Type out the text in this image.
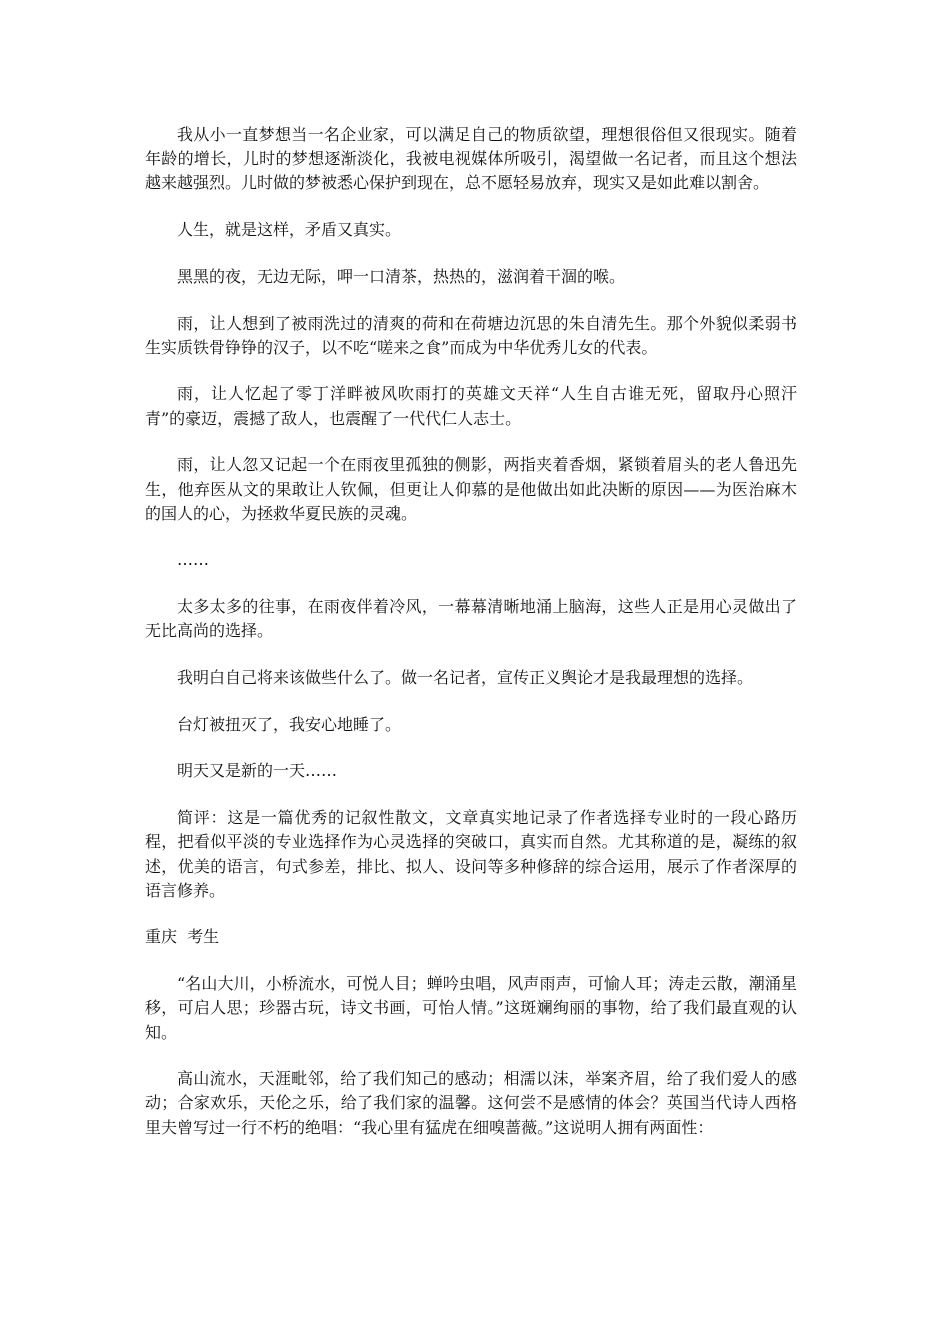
我从小一直梦想当一名企业家，可以满足自己的物质欲望，理想很俗但又很现实。随着年龄的增长，儿时的梦想逐渐淡化，我被电视媒体所吸引，渴望做一名记者，而且这个想法越来越强烈。儿时做的梦被悉心保护到现在，总不愿轻易放弃，现实又是如此难以割舍。

人生，就是这样，矛盾又真实。

黑黑的夜，无边无际，呷一口清茶，热热的，滋润着干涸的喉。

雨，让人想到了被雨洗过的清爽的荷和在荷塘边沉思的朱自清先生。那个外貌似柔弱书生实质铁骨铮铮的汉子，以不吃“嗟来之食”而成为中华优秀儿女的代表。

雨，让人忆起了零丁洋畔被风吹雨打的英雄文天祥“人生自古谁无死，留取丹心照汗青”的豪迈，震撼了敌人，也震醒了一代代仁人志士。

雨，让人忽又记起一个在雨夜里孤独的侧影，两指夹着香烟，紧锁着眉头的老人鲁迅先生，他弃医从文的果敢让人钦佩，但更让人仰慕的是他做出如此决断的原因——为医治麻木的国人的心，为拯救华夏民族的灵魂。

……

太多太多的往事，在雨夜伴着冷风，一幕幕清晰地涌上脑海，这些人正是用心灵做出了无比高尚的选择。

我明白自己将来该做些什么了。做一名记者，宣传正义舆论才是我最理想的选择。

台灯被扭灭了，我安心地睡了。

明天又是新的一天……

简评：这是一篇优秀的记叙性散文，文章真实地记录了作者选择专业时的一段心路历程，把看似平淡的专业选择作为心灵选择的突破口，真实而自然。尤其称道的是，凝练的叙述，优美的语言，句式参差，排比、拟人、设问等多种修辞的综合运用，展示了作者深厚的语言修养。

重庆  考生

“名山大川，小桥流水，可悦人目；蝉吟虫唱，风声雨声，可愉人耳；涛走云散，潮涌星移，可启人思；珍器古玩，诗文书画，可怡人情。”这斑斓绚丽的事物，给了我们最直观的认知。

高山流水，天涯毗邻，给了我们知己的感动；相濡以沫，举案齐眉，给了我们爱人的感动；合家欢乐，天伦之乐，给了我们家的温馨。这何尝不是感情的体会？英国当代诗人西格里夫曾写过一行不朽的绝唱：“我心里有猛虎在细嗅蔷薇。”这说明人拥有两面性：
